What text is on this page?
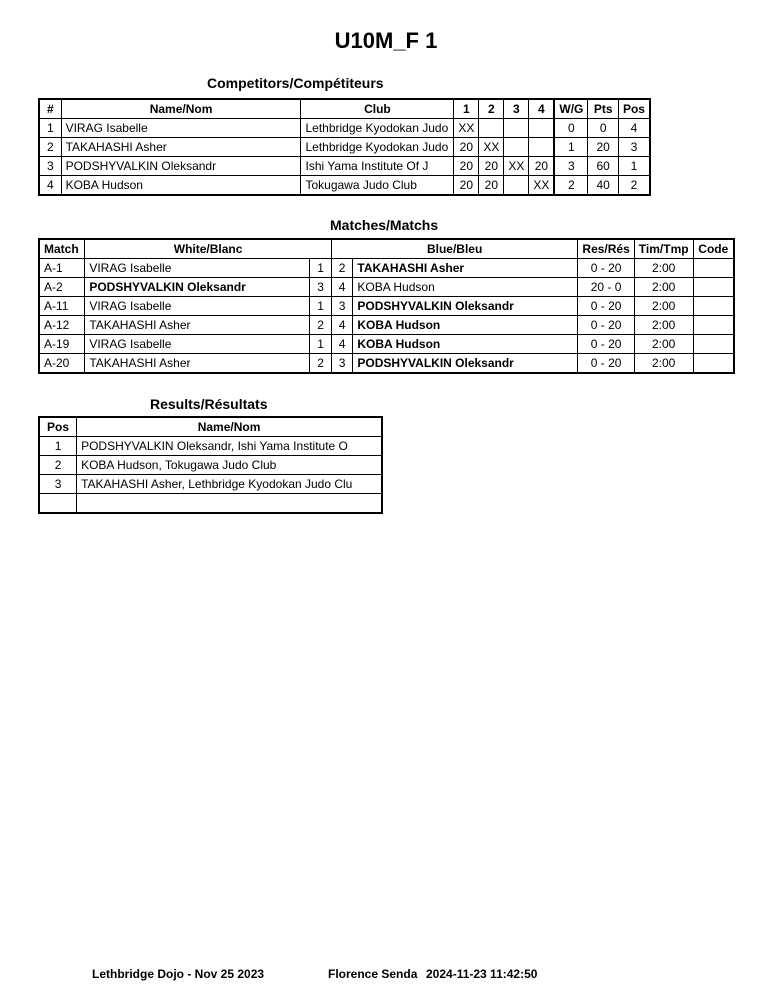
U10M_F 1
Competitors/Compétiteurs
#	Name/Nom	Club	1	2	3	4	W/G	Pts	Pos
1	VIRAG Isabelle	Lethbridge Kyodokan Judo	XX				0	0	4
2	TAKAHASHI Asher	Lethbridge Kyodokan Judo	20	XX			1	20	3
3	PODSHYVALKIN Oleksandr	Ishi Yama Institute Of J	20	20	XX	20	3	60	1
4	KOBA Hudson	Tokugawa Judo Club	20	20		XX	2	40	2
Matches/Matchs
Match	White/Blanc		Blue/Bleu		Res/Rés	Tim/Tmp	Code
A-1	VIRAG Isabelle	1	2	TAKAHASHI Asher	0 - 20	2:00	
A-2	PODSHYVALKIN Oleksandr	3	4	KOBA Hudson	20 - 0	2:00	
A-11	VIRAG Isabelle	1	3	PODSHYVALKIN Oleksandr	0 - 20	2:00	
A-12	TAKAHASHI Asher	2	4	KOBA Hudson	0 - 20	2:00	
A-19	VIRAG Isabelle	1	4	KOBA Hudson	0 - 20	2:00	
A-20	TAKAHASHI Asher	2	3	PODSHYVALKIN Oleksandr	0 - 20	2:00	
Results/Résultats
Pos	Name/Nom
1	PODSHYVALKIN Oleksandr, Ishi Yama Institute O
2	KOBA Hudson, Tokugawa Judo Club
3	TAKAHASHI Asher, Lethbridge Kyodokan Judo Clu

Lethbridge Dojo - Nov 25 2023	Florence Senda 2024-11-23 11:42:50
